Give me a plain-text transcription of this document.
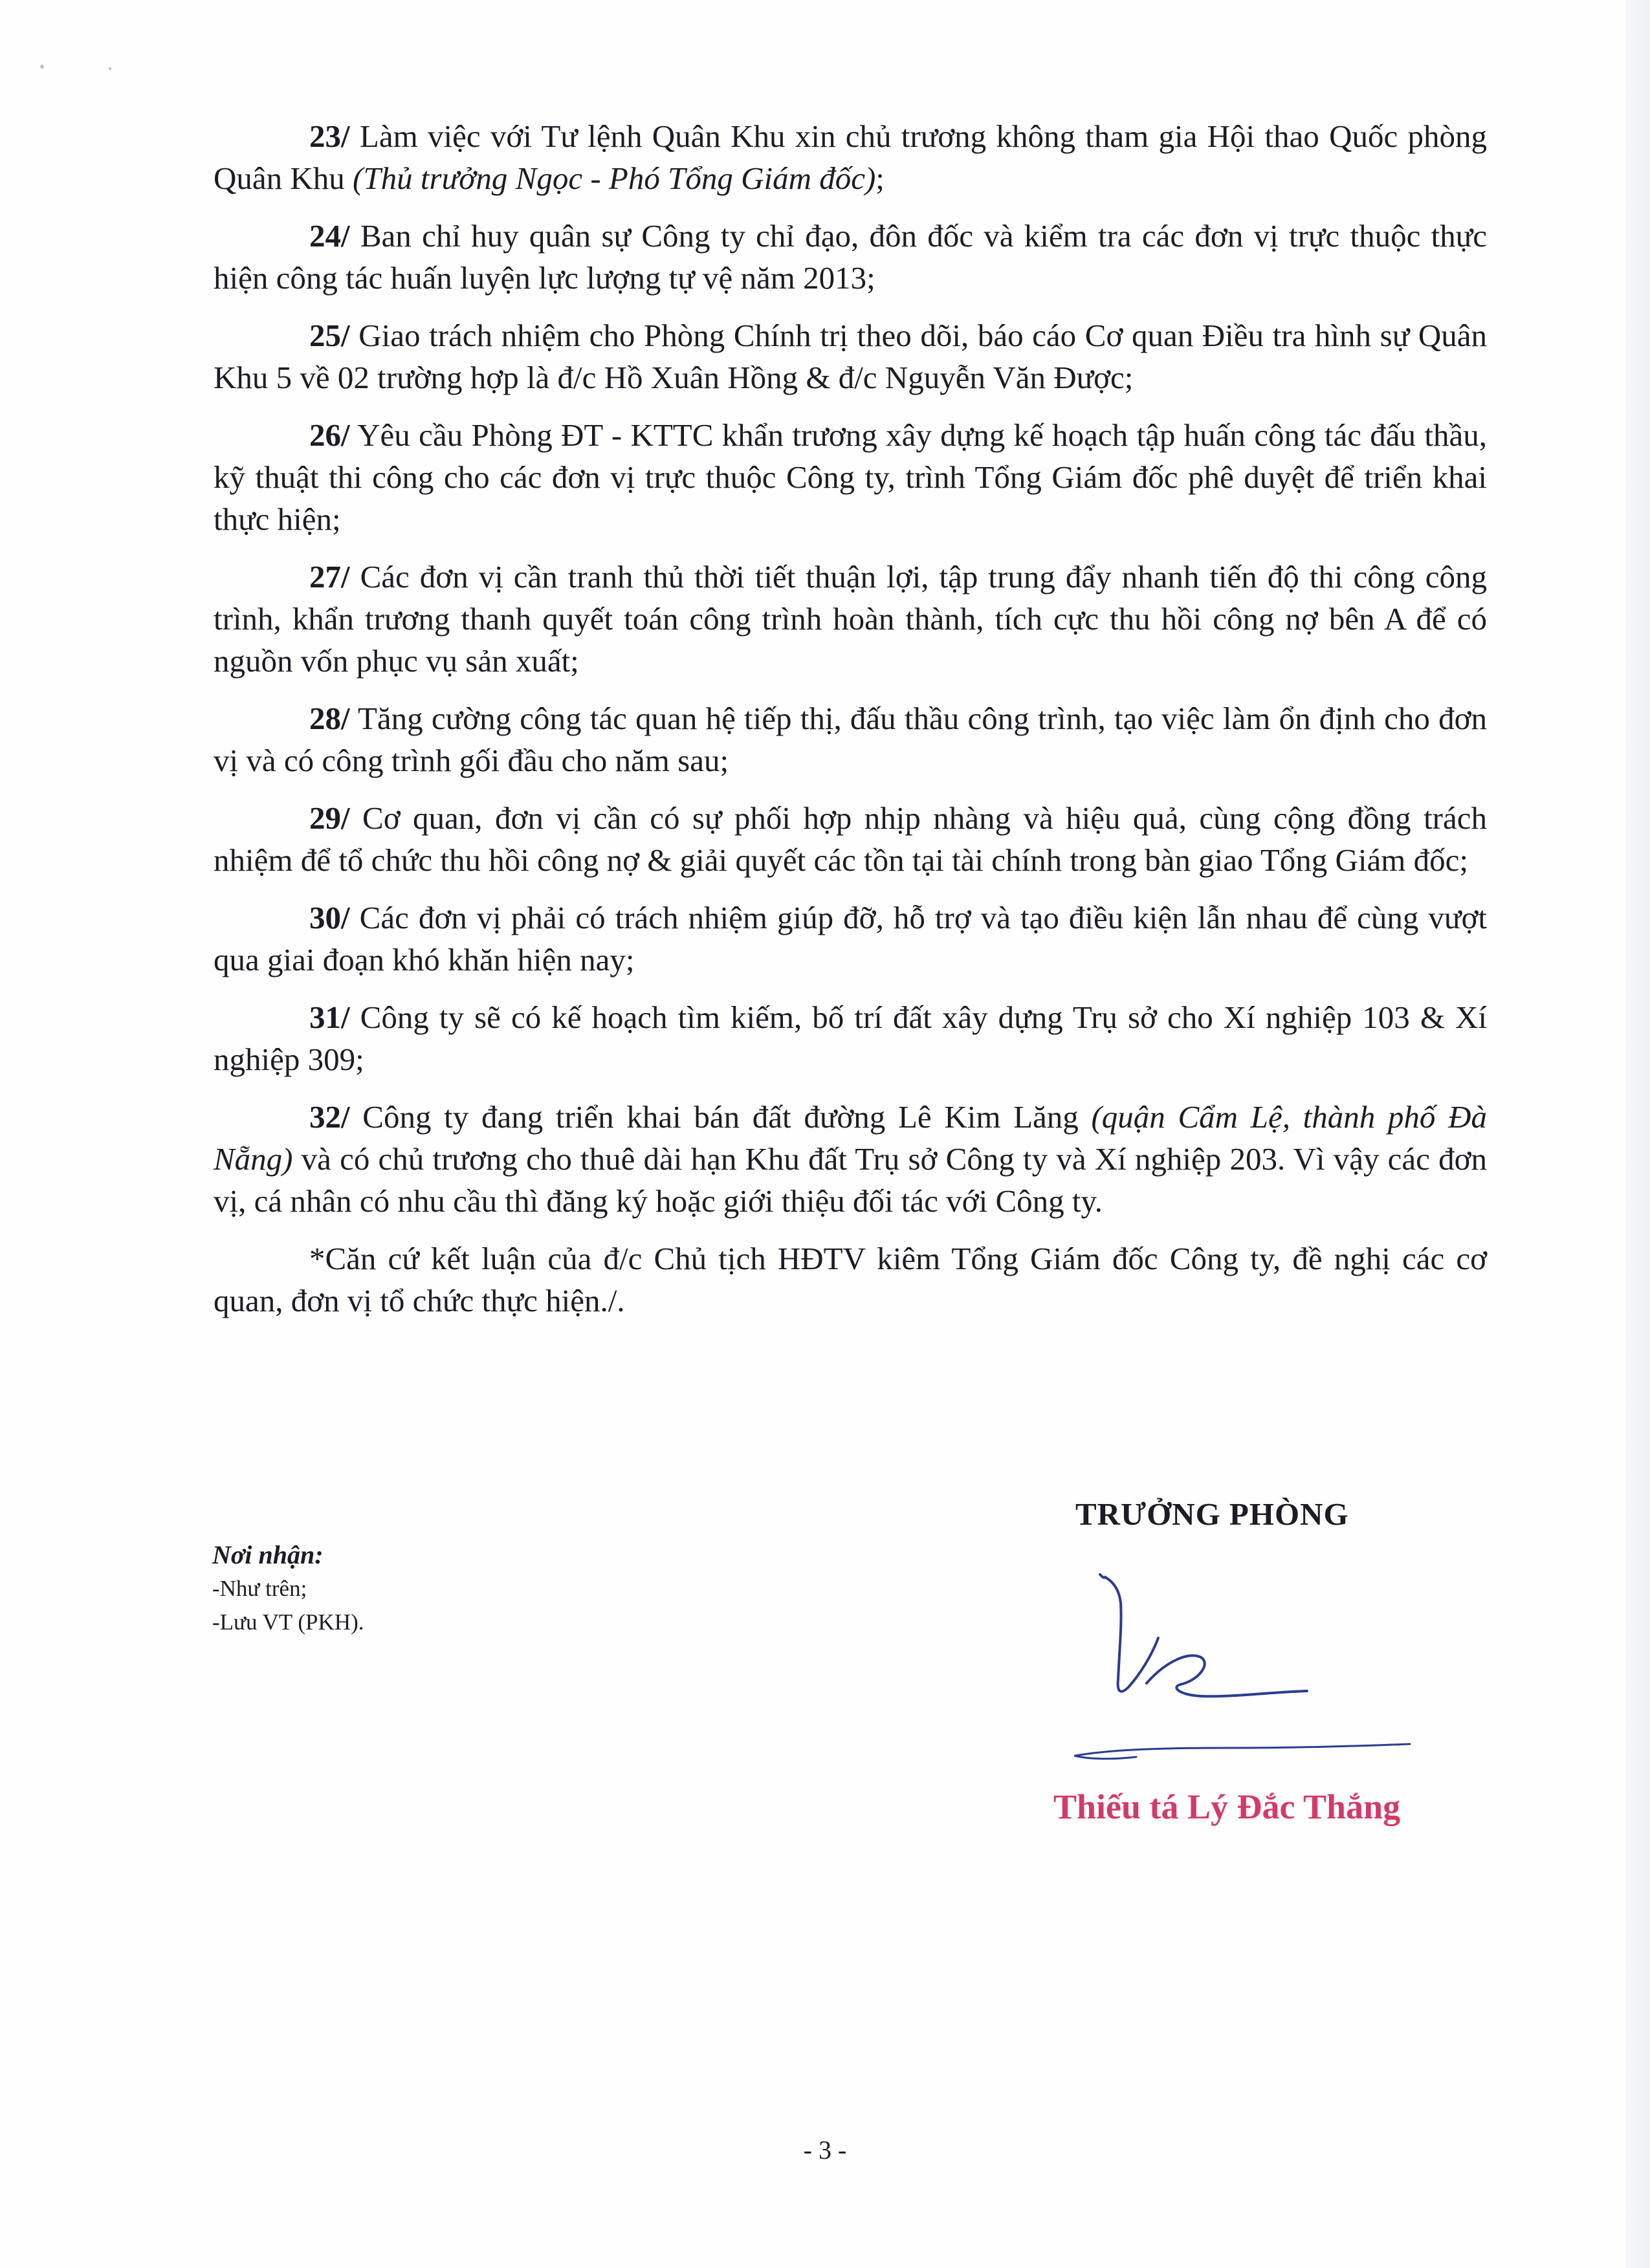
23/ Làm việc với Tư lệnh Quân Khu xin chủ trương không tham gia Hội thao Quốc phòng Quân Khu (Thủ trưởng Ngọc - Phó Tổng Giám đốc);

24/ Ban chỉ huy quân sự Công ty chỉ đạo, đôn đốc và kiểm tra các đơn vị trực thuộc thực hiện công tác huấn luyện lực lượng tự vệ năm 2013;

25/ Giao trách nhiệm cho Phòng Chính trị theo dõi, báo cáo Cơ quan Điều tra hình sự Quân Khu 5 về 02 trường hợp là đ/c Hồ Xuân Hồng & đ/c Nguyễn Văn Được;

26/ Yêu cầu Phòng ĐT - KTTC khẩn trương xây dựng kế hoạch tập huấn công tác đấu thầu, kỹ thuật thi công cho các đơn vị trực thuộc Công ty, trình Tổng Giám đốc phê duyệt để triển khai thực hiện;

27/ Các đơn vị cần tranh thủ thời tiết thuận lợi, tập trung đẩy nhanh tiến độ thi công công trình, khẩn trương thanh quyết toán công trình hoàn thành, tích cực thu hồi công nợ bên A để có nguồn vốn phục vụ sản xuất;

28/ Tăng cường công tác quan hệ tiếp thị, đấu thầu công trình, tạo việc làm ổn định cho đơn vị và có công trình gối đầu cho năm sau;

29/ Cơ quan, đơn vị cần có sự phối hợp nhịp nhàng và hiệu quả, cùng cộng đồng trách nhiệm để tổ chức thu hồi công nợ & giải quyết các tồn tại tài chính trong bàn giao Tổng Giám đốc;

30/ Các đơn vị phải có trách nhiệm giúp đỡ, hỗ trợ và tạo điều kiện lẫn nhau để cùng vượt qua giai đoạn khó khăn hiện nay;

31/ Công ty sẽ có kế hoạch tìm kiếm, bố trí đất xây dựng Trụ sở cho Xí nghiệp 103 & Xí nghiệp 309;

32/ Công ty đang triển khai bán đất đường Lê Kim Lăng (quận Cẩm Lệ, thành phố Đà Nẵng) và có chủ trương cho thuê dài hạn Khu đất Trụ sở Công ty và Xí nghiệp 203. Vì vậy các đơn vị, cá nhân có nhu cầu thì đăng ký hoặc giới thiệu đối tác với Công ty.

*Căn cứ kết luận của đ/c Chủ tịch HĐTV kiêm Tổng Giám đốc Công ty, đề nghị các cơ quan, đơn vị tổ chức thực hiện./.

TRƯỞNG PHÒNG
Nơi nhận:
-Như trên;
-Lưu VT (PKH).
Thiếu tá Lý Đắc Thắng
- 3 -
